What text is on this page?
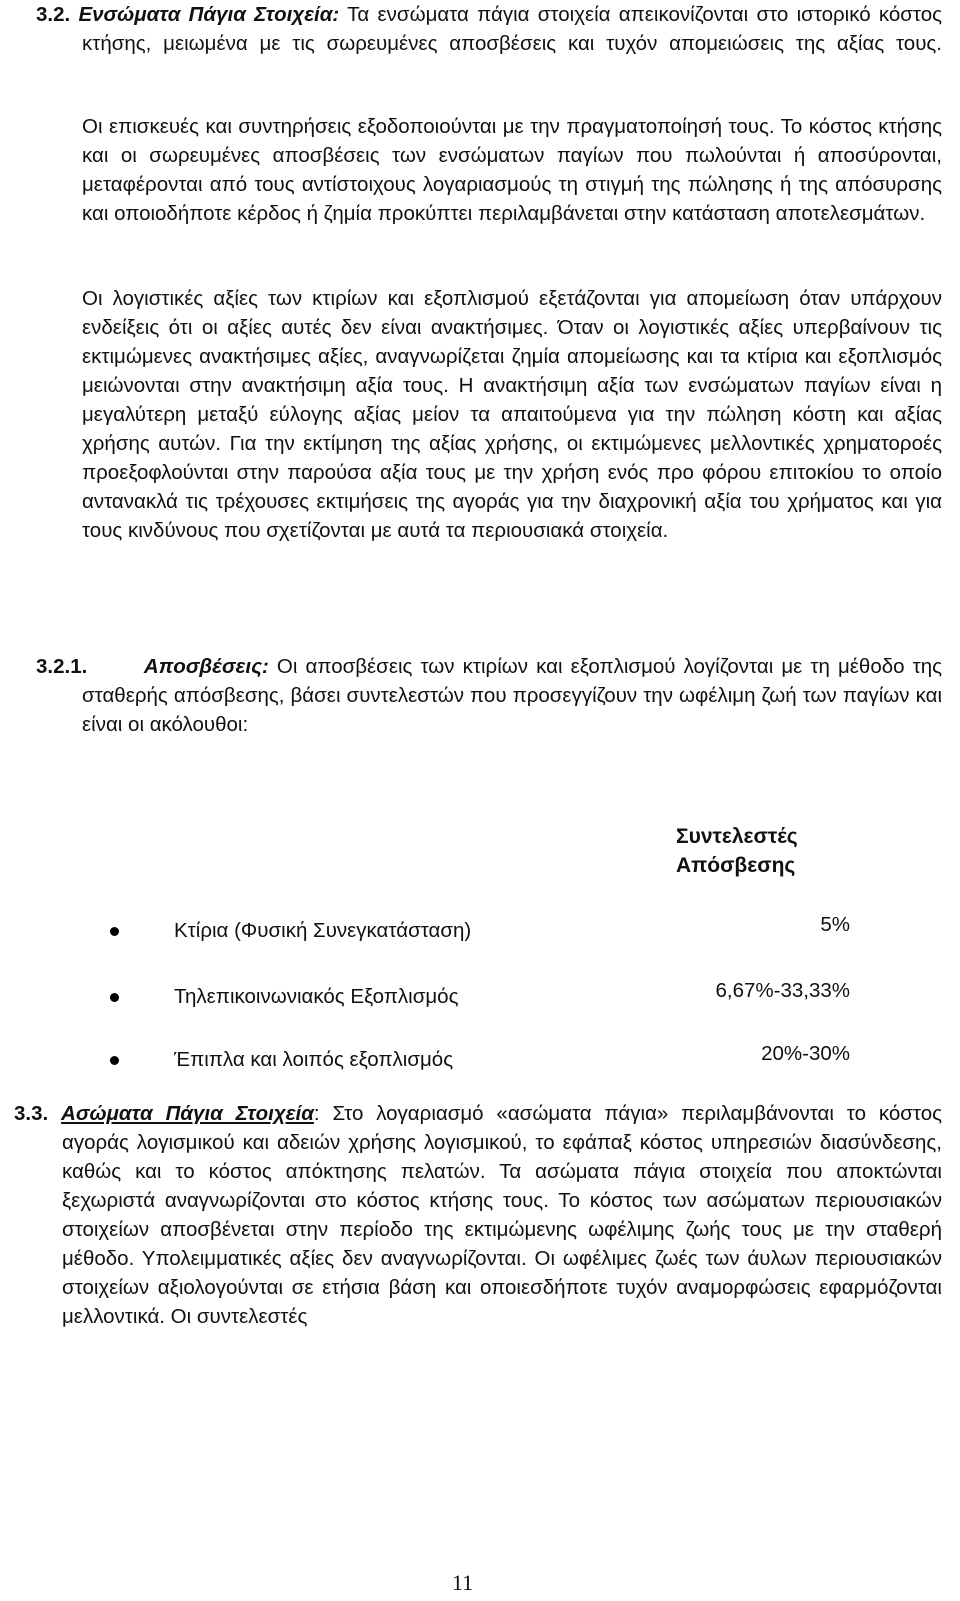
3.2. Ενσώματα Πάγια Στοιχεία: Τα ενσώματα πάγια στοιχεία απεικονίζονται στο ιστορικό κόστος κτήσης, μειωμένα με τις σωρευμένες αποσβέσεις και τυχόν απομειώσεις της αξίας τους.
Οι επισκευές και συντηρήσεις εξοδοποιούνται με την πραγματοποίησή τους. Το κόστος κτήσης και οι σωρευμένες αποσβέσεις των ενσώματων παγίων που πωλούνται ή αποσύρονται, μεταφέρονται από τους αντίστοιχους λογαριασμούς τη στιγμή της πώλησης ή της απόσυρσης και οποιοδήποτε κέρδος ή ζημία προκύπτει περιλαμβάνεται στην κατάσταση αποτελεσμάτων.
Οι λογιστικές αξίες των κτιρίων και εξοπλισμού εξετάζονται για απομείωση όταν υπάρχουν ενδείξεις ότι οι αξίες αυτές δεν είναι ανακτήσιμες. Όταν οι λογιστικές αξίες υπερβαίνουν τις εκτιμώμενες ανακτήσιμες αξίες, αναγνωρίζεται ζημία απομείωσης και τα κτίρια και εξοπλισμός μειώνονται στην ανακτήσιμη αξία τους. Η ανακτήσιμη αξία των ενσώματων παγίων είναι η μεγαλύτερη μεταξύ εύλογης αξίας μείον τα απαιτούμενα για την πώληση κόστη και αξίας χρήσης αυτών. Για την εκτίμηση της αξίας χρήσης, οι εκτιμώμενες μελλοντικές χρηματοροές προεξοφλούνται στην παρούσα αξία τους με την χρήση ενός προ φόρου επιτοκίου το οποίο αντανακλά τις τρέχουσες εκτιμήσεις της αγοράς για την διαχρονική αξία του χρήματος και για τους κινδύνους που σχετίζονται με αυτά τα περιουσιακά στοιχεία.
3.2.1.	Αποσβέσεις: Οι αποσβέσεις των κτιρίων και εξοπλισμού λογίζονται με τη μέθοδο της σταθερής απόσβεσης, βάσει συντελεστών που προσεγγίζουν την ωφέλιμη ζωή των παγίων και είναι οι ακόλουθοι:
Συντελεστές
Απόσβεσης
Κτίρια (Φυσική Συνεγκατάσταση)	5%
Τηλεπικοινωνιακός Εξοπλισμός	6,67%-33,33%
Έπιπλα και λοιπός εξοπλισμός	20%-30%
3.3. Ασώματα Πάγια Στοιχεία: Στο λογαριασμό «ασώματα πάγια» περιλαμβάνονται το κόστος αγοράς λογισμικού και αδειών χρήσης λογισμικού, το εφάπαξ κόστος υπηρεσιών διασύνδεσης, καθώς και το κόστος απόκτησης πελατών. Τα ασώματα πάγια στοιχεία που αποκτώνται ξεχωριστά αναγνωρίζονται στο κόστος κτήσης τους. Το κόστος των ασώματων περιουσιακών στοιχείων αποσβένεται στην περίοδο της εκτιμώμενης ωφέλιμης ζωής τους με την σταθερή μέθοδο. Υπολειμματικές αξίες δεν αναγνωρίζονται. Οι ωφέλιμες ζωές των άυλων περιουσιακών στοιχείων αξιολογούνται σε ετήσια βάση και οποιεσδήποτε τυχόν αναμορφώσεις εφαρμόζονται μελλοντικά. Οι συντελεστές
11
